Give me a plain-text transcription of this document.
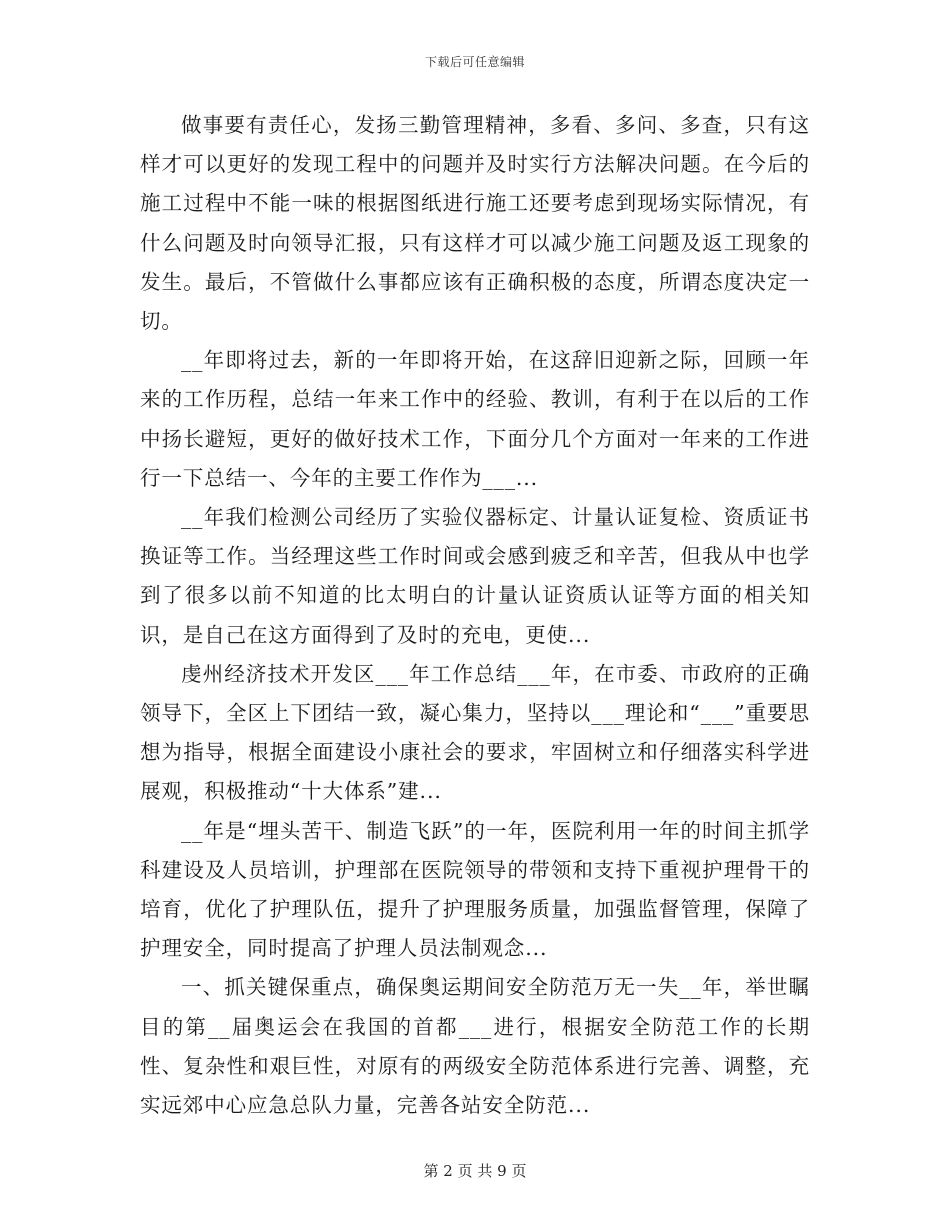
下载后可任意编辑

做事要有责任心，发扬三勤管理精神，多看、多问、多查，只有这样才可以更好的发现工程中的问题并及时实行方法解决问题。在今后的施工过程中不能一味的根据图纸进行施工还要考虑到现场实际情况，有什么问题及时向领导汇报，只有这样才可以减少施工问题及返工现象的发生。最后，不管做什么事都应该有正确积极的态度，所谓态度决定一切。

__年即将过去，新的一年即将开始，在这辞旧迎新之际，回顾一年来的工作历程，总结一年来工作中的经验、教训，有利于在以后的工作中扬长避短，更好的做好技术工作，下面分几个方面对一年来的工作进行一下总结一、今年的主要工作作为___...

__年我们检测公司经历了实验仪器标定、计量认证复检、资质证书换证等工作。当经理这些工作时间或会感到疲乏和辛苦，但我从中也学到了很多以前不知道的比太明白的计量认证资质认证等方面的相关知识，是自己在这方面得到了及时的充电，更使...

虔州经济技术开发区___年工作总结___年，在市委、市政府的正确领导下，全区上下团结一致，凝心集力，坚持以___理论和“___”重要思想为指导，根据全面建设小康社会的要求，牢固树立和仔细落实科学进展观，积极推动“十大体系”建...

__年是“埋头苦干、制造飞跃”的一年，医院利用一年的时间主抓学科建设及人员培训，护理部在医院领导的带领和支持下重视护理骨干的培育，优化了护理队伍，提升了护理服务质量，加强监督管理，保障了护理安全，同时提高了护理人员法制观念...

一、抓关键保重点，确保奥运期间安全防范万无一失__年，举世瞩目的第__届奥运会在我国的首都___进行，根据安全防范工作的长期性、复杂性和艰巨性，对原有的两级安全防范体系进行完善、调整，充实远郊中心应急总队力量，完善各站安全防范...

第 2 页 共 9 页
